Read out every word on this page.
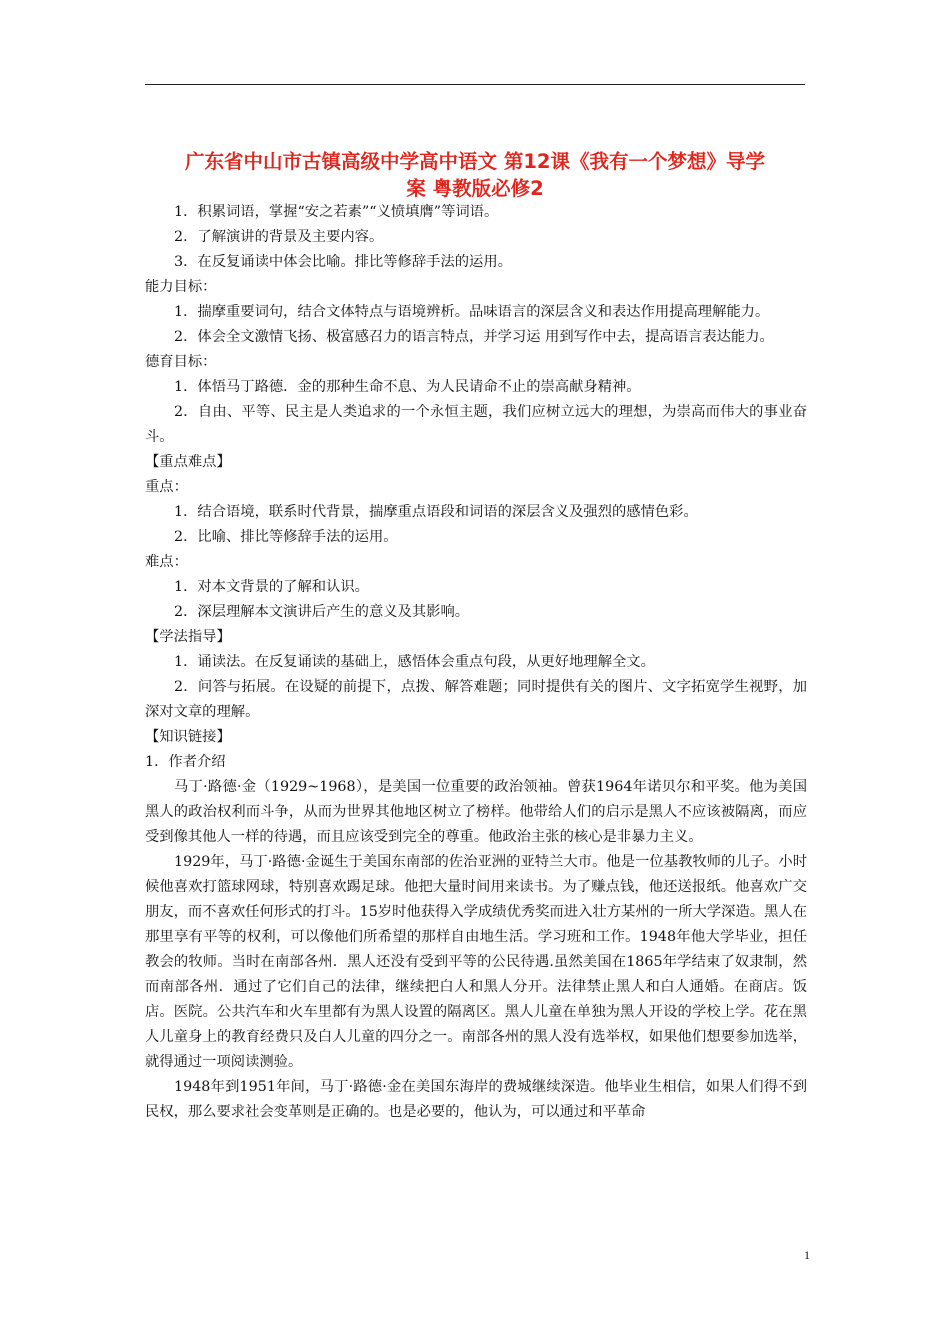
广东省中山市古镇高级中学高中语文 第12课《我有一个梦想》导学
案 粤教版必修2

1．积累词语，掌握“安之若素”“义愤填膺”等词语。

2．了解演讲的背景及主要内容。

3．在反复诵读中体会比喻。排比等修辞手法的运用。

能力目标：

1．揣摩重要词句，结合文体特点与语境辨析。品味语言的深层含义和表达作用提高理解能力。

2．体会全文激情飞扬、极富感召力的语言特点，并学习运 用到写作中去，提高语言表达能力。

德育目标：

1．体悟马丁路德．金的那种生命不息、为人民请命不止的崇高献身精神。

2．自由、平等、民主是人类追求的一个永恒主题，我们应树立远大的理想，为崇高而伟大的事业奋斗。

【重点难点】

重点：

1．结合语境，联系时代背景，揣摩重点语段和词语的深层含义及强烈的感情色彩。

2．比喻、排比等修辞手法的运用。

难点：

1．对本文背景的了解和认识。

2．深层理解本文演讲后产生的意义及其影响。

【学法指导】

1．诵读法。在反复诵读的基础上，感悟体会重点句段，从更好地理解全文。

2．问答与拓展。在设疑的前提下，点拨、解答难题；同时提供有关的图片、文字拓宽学生视野，加深对文章的理解。

【知识链接】

1．作者介绍

马丁·路德·金（1929~1968），是美国一位重要的政治领袖。曾获1964年诺贝尔和平奖。他为美国黑人的政治权利而斗争，从而为世界其他地区树立了榜样。他带给人们的启示是黑人不应该被隔离，而应受到像其他人一样的待遇，而且应该受到完全的尊重。他政治主张的核心是非暴力主义。

1929年，马丁·路德·金诞生于美国东南部的佐治亚洲的亚特兰大市。他是一位基教牧师的儿子。小时候他喜欢打篮球网球，特别喜欢踢足球。他把大量时间用来读书。为了赚点钱，他还送报纸。他喜欢广交朋友，而不喜欢任何形式的打斗。15岁时他获得入学成绩优秀奖而进入壮方某州的一所大学深造。黑人在那里享有平等的权利，可以像他们所希望的那样自由地生活。学习班和工作。1948年他大学毕业，担任教会的牧师。当时在南部各州．黑人还没有受到平等的公民待遇.虽然美国在1865年学结束了奴隶制，然而南部各州．通过了它们自己的法律，继续把白人和黑人分开。法律禁止黑人和白人通婚。在商店。饭店。医院。公共汽车和火车里都有为黑人设置的隔离区。黑人儿童在单独为黑人开设的学校上学。花在黑人儿童身上的教育经费只及白人儿童的四分之一。南部各州的黑人没有选举权，如果他们想要参加选举，就得通过一项阅读测验。

1948年到1951年间，马丁·路德·金在美国东海岸的费城继续深造。他毕业生相信，如果人们得不到民权，那么要求社会变革则是正确的。也是必要的，他认为，可以通过和平革命

1
